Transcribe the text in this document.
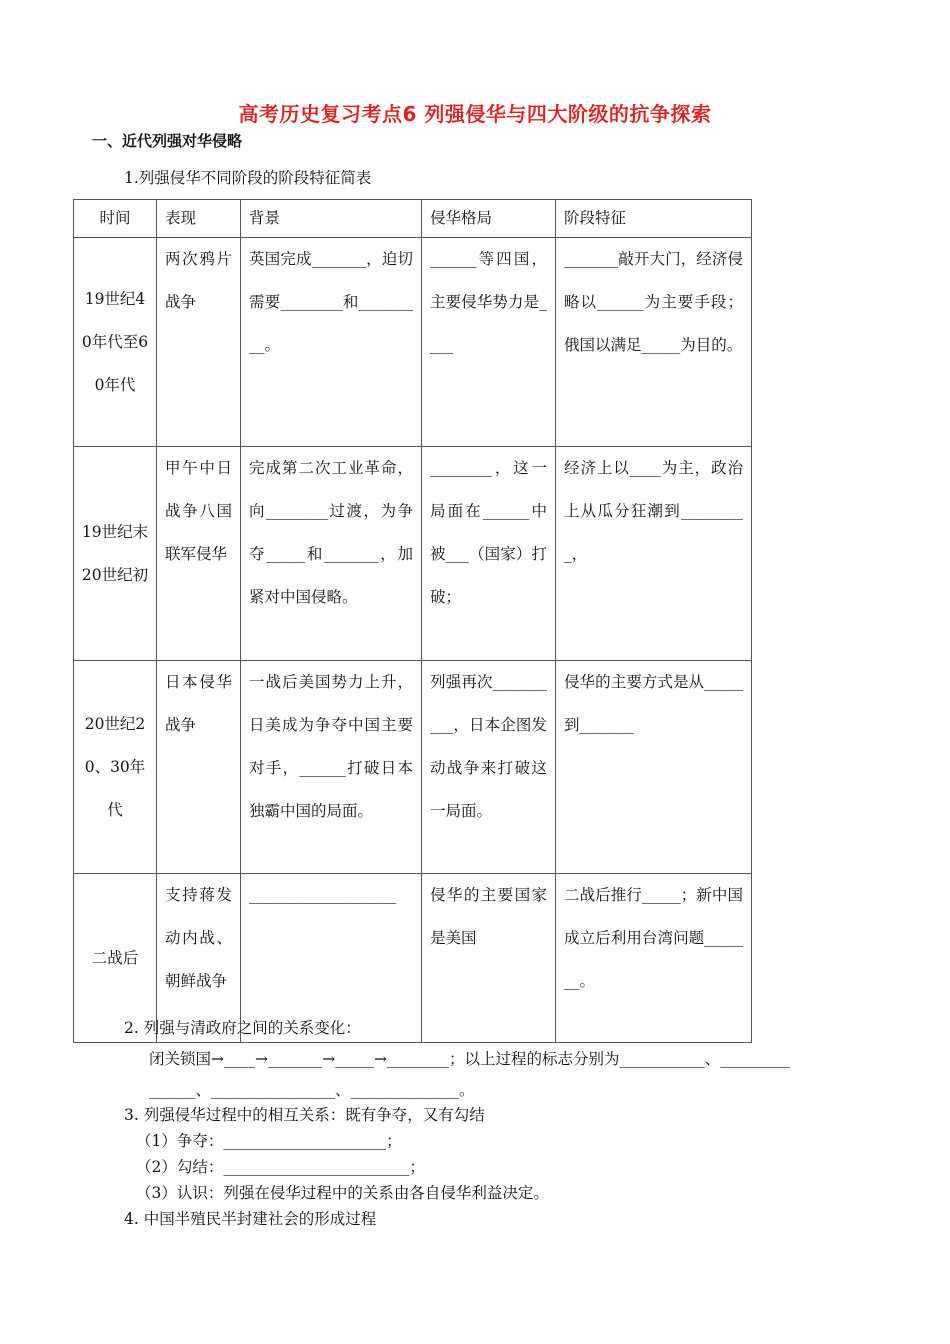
高考历史复习考点6 列强侵华与四大阶级的抗争探索
一、近代列强对华侵略
1.列强侵华不同阶段的阶段特征简表
时间	表现	背景	侵华格局	阶段特征
19世纪40年代至60年代	两次鸦片战争	英国完成_______，迫切需要________和_________。	______等四国，主要侵华势力是____	_______敲开大门，经济侵略以______为主要手段；俄国以满足_____为目的。
19世纪末20世纪初	甲午中日战争八国联军侵华	完成第二次工业革命，向________过渡，为争夺_____和_______，加紧对中国侵略。	________，这一局面在______中被___（国家）打破；	经济上以____为主，政治上从瓜分狂潮到_________，
20世纪20、30年代	日本侵华战争	一战后美国势力上升，日美成为争夺中国主要对手，______打破日本独霸中国的局面。	列强再次__________，日本企图发动战争来打破这一局面。	侵华的主要方式是从_____到_______
二战后	支持蒋发动内战、朝鲜战争	___________________	侵华的主要国家是美国	二战后推行_____；新中国成立后利用台湾问题_______。
2. 列强与清政府之间的关系变化：
闭关锁国→____→_______→_____→________；以上过程的标志分别为___________、_________
______、________________、______________。
3. 列强侵华过程中的相互关系：既有争夺，又有勾结
（1）争夺：_____________________；
（2）勾结：________________________；
（3）认识：列强在侵华过程中的关系由各自侵华利益决定。
4. 中国半殖民半封建社会的形成过程
